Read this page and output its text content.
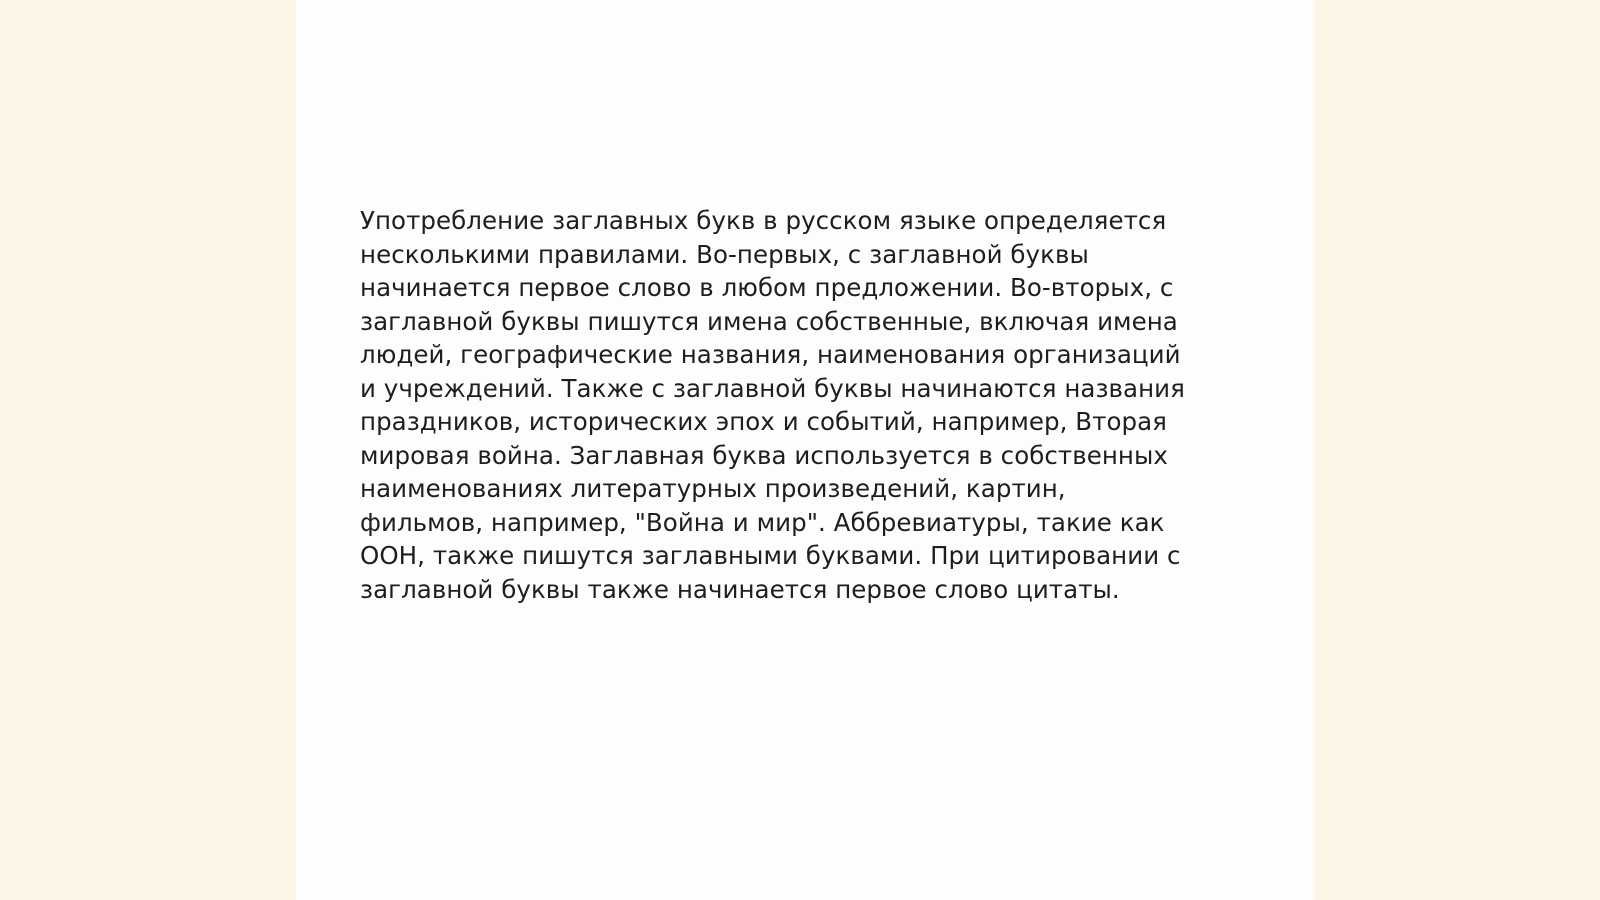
Употребление заглавных букв в русском языке определяется
несколькими правилами. Во-первых, с заглавной буквы
начинается первое слово в любом предложении. Во-вторых, с
заглавной буквы пишутся имена собственные, включая имена
людей, географические названия, наименования организаций
и учреждений. Также с заглавной буквы начинаются названия
праздников, исторических эпох и событий, например, Вторая
мировая война. Заглавная буква используется в собственных
наименованиях литературных произведений, картин,
фильмов, например, "Война и мир". Аббревиатуры, такие как
ООН, также пишутся заглавными буквами. При цитировании с
заглавной буквы также начинается первое слово цитаты.
